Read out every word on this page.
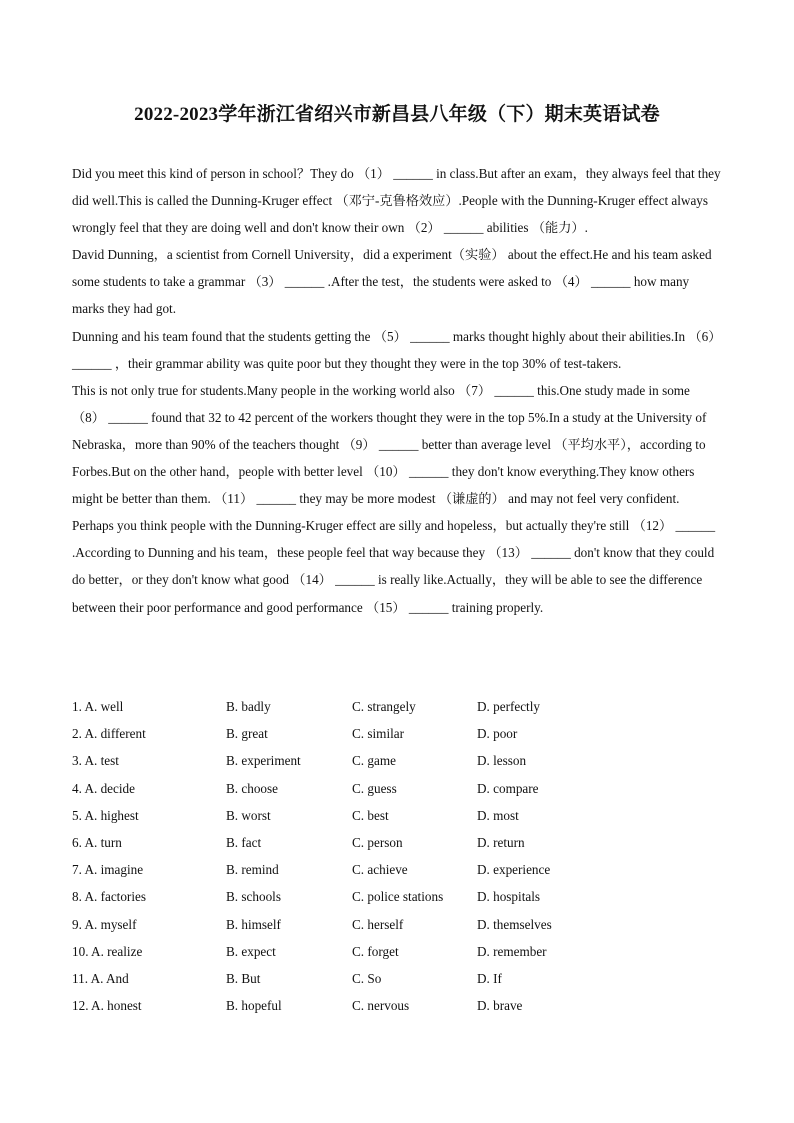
2022-2023学年浙江省绍兴市新昌县八年级（下）期末英语试卷

Did you meet this kind of person in school？They do （1） ______ in class.But after an exam，they always feel that they did well.This is called the Dunning-Kruger effect （邓宁-克鲁格效应）.People with the Dunning-Kruger effect always wrongly feel that they are doing well and don't know their own （2） ______ abilities （能力）.

David Dunning，a scientist from Cornell University，did a experiment（实验） about the effect.He and his team asked some students to take a grammar （3） ______ .After the test，the students were asked to （4） ______ how many marks they had got.

Dunning and his team found that the students getting the （5） ______ marks thought highly about their abilities.In （6） ______ ，their grammar ability was quite poor but they thought they were in the top 30% of test-takers.

This is not only true for students.Many people in the working world also （7） ______ this.One study made in some （8） ______ found that 32 to 42 percent of the workers thought they were in the top 5%.In a study at the University of Nebraska，more than 90% of the teachers thought （9） ______ better than average level （平均水平），according to Forbes.But on the other hand，people with better level （10） ______ they don't know everything.They know others might be better than them. （11） ______ they may be more modest （谦虚的） and may not feel very confident.

Perhaps you think people with the Dunning-Kruger effect are silly and hopeless，but actually they're still （12） ______ .According to Dunning and his team，these people feel that way because they （13） ______ don't know that they could do better，or they don't know what good （14） ______ is really like.Actually，they will be able to see the difference between their poor performance and good performance （15） ______ training properly.

1. A. well	B. badly	C. strangely	D. perfectly
2. A. different	B. great	C. similar	D. poor
3. A. test	B. experiment	C. game	D. lesson
4. A. decide	B. choose	C. guess	D. compare
5. A. highest	B. worst	C. best	D. most
6. A. turn	B. fact	C. person	D. return
7. A. imagine	B. remind	C. achieve	D. experience
8. A. factories	B. schools	C. police stations	D. hospitals
9. A. myself	B. himself	C. herself	D. themselves
10. A. realize	B. expect	C. forget	D. remember
11. A. And	B. But	C. So	D. If
12. A. honest	B. hopeful	C. nervous	D. brave
